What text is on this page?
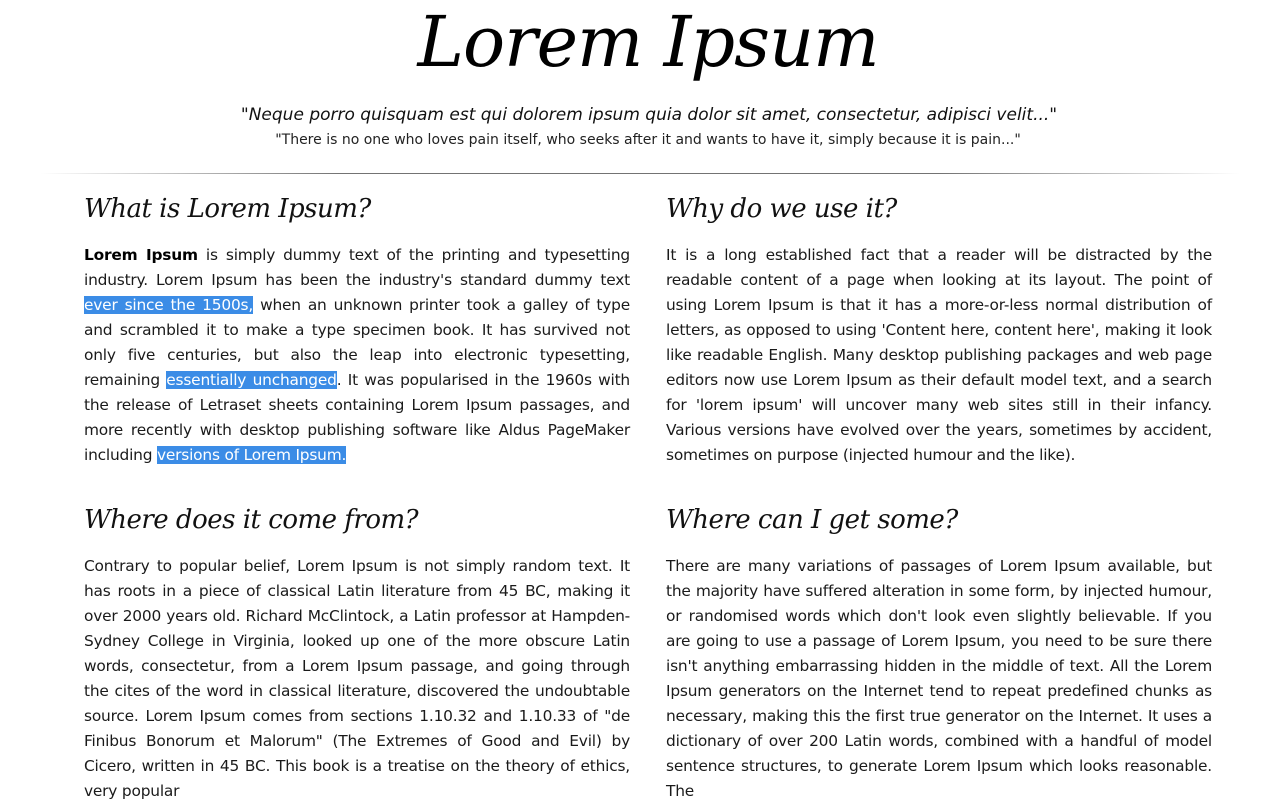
Lorem Ipsum
"Neque porro quisquam est qui dolorem ipsum quia dolor sit amet, consectetur, adipisci velit..."
"There is no one who loves pain itself, who seeks after it and wants to have it, simply because it is pain..."
What is Lorem Ipsum?

Lorem Ipsum is simply dummy text of the printing and typesetting industry. Lorem Ipsum has been the industry's standard dummy text ever since the 1500s, when an unknown printer took a galley of type and scrambled it to make a type specimen book. It has survived not only five centuries, but also the leap into electronic typesetting, remaining essentially unchanged. It was popularised in the 1960s with the release of Letraset sheets containing Lorem Ipsum passages, and more recently with desktop publishing software like Aldus PageMaker including versions of Lorem Ipsum.

Why do we use it?

It is a long established fact that a reader will be distracted by the readable content of a page when looking at its layout. The point of using Lorem Ipsum is that it has a more-or-less normal distribution of letters, as opposed to using 'Content here, content here', making it look like readable English. Many desktop publishing packages and web page editors now use Lorem Ipsum as their default model text, and a search for 'lorem ipsum' will uncover many web sites still in their infancy. Various versions have evolved over the years, sometimes by accident, sometimes on purpose (injected humour and the like).

Where does it come from?

Contrary to popular belief, Lorem Ipsum is not simply random text. It has roots in a piece of classical Latin literature from 45 BC, making it over 2000 years old. Richard McClintock, a Latin professor at Hampden-Sydney College in Virginia, looked up one of the more obscure Latin words, consectetur, from a Lorem Ipsum passage, and going through the cites of the word in classical literature, discovered the undoubtable source. Lorem Ipsum comes from sections 1.10.32 and 1.10.33 of "de Finibus Bonorum et Malorum" (The Extremes of Good and Evil) by Cicero, written in 45 BC. This book is a treatise on the theory of ethics, very popular

Where can I get some?

There are many variations of passages of Lorem Ipsum available, but the majority have suffered alteration in some form, by injected humour, or randomised words which don't look even slightly believable. If you are going to use a passage of Lorem Ipsum, you need to be sure there isn't anything embarrassing hidden in the middle of text. All the Lorem Ipsum generators on the Internet tend to repeat predefined chunks as necessary, making this the first true generator on the Internet. It uses a dictionary of over 200 Latin words, combined with a handful of model sentence structures, to generate Lorem Ipsum which looks reasonable. The
